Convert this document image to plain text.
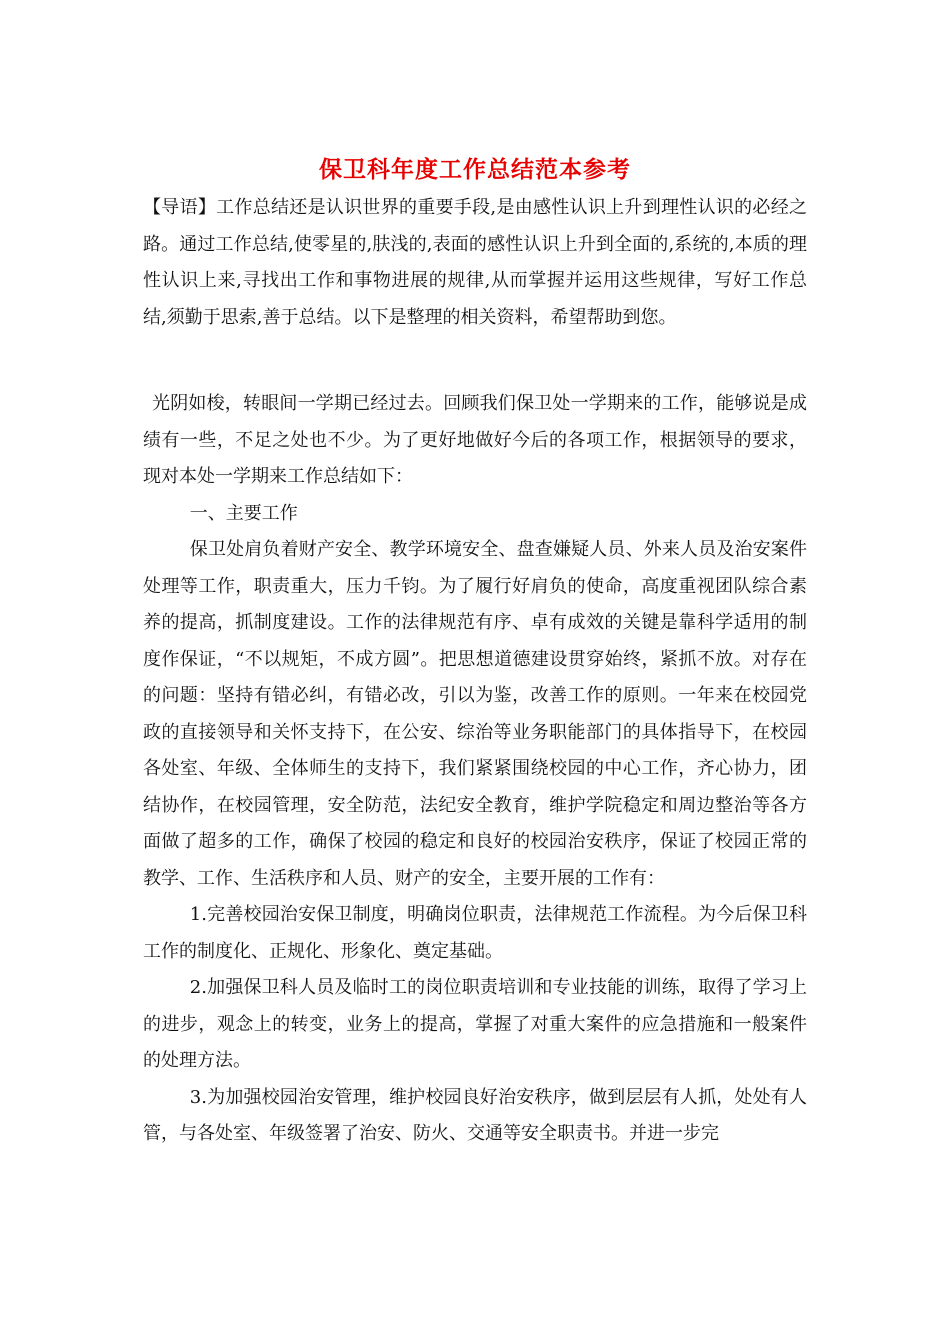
保卫科年度工作总结范本参考

【导语】工作总结还是认识世界的重要手段,是由感性认识上升到理性认识的必经之路。通过工作总结,使零星的,肤浅的,表面的感性认识上升到全面的,系统的,本质的理性认识上来,寻找出工作和事物进展的规律,从而掌握并运用这些规律，写好工作总结,须勤于思索,善于总结。以下是整理的相关资料，希望帮助到您。

光阴如梭，转眼间一学期已经过去。回顾我们保卫处一学期来的工作，能够说是成绩有一些，不足之处也不少。为了更好地做好今后的各项工作，根据领导的要求，现对本处一学期来工作总结如下：

一、主要工作

保卫处肩负着财产安全、教学环境安全、盘查嫌疑人员、外来人员及治安案件处理等工作，职责重大，压力千钧。为了履行好肩负的使命，高度重视团队综合素养的提高，抓制度建设。工作的法律规范有序、卓有成效的关键是靠科学适用的制度作保证，“不以规矩，不成方圆”。把思想道德建设贯穿始终，紧抓不放。对存在的问题：坚持有错必纠，有错必改，引以为鉴，改善工作的原则。一年来在校园党政的直接领导和关怀支持下，在公安、综治等业务职能部门的具体指导下，在校园各处室、年级、全体师生的支持下，我们紧紧围绕校园的中心工作，齐心协力，团结协作，在校园管理，安全防范，法纪安全教育，维护学院稳定和周边整治等各方面做了超多的工作，确保了校园的稳定和良好的校园治安秩序，保证了校园正常的教学、工作、生活秩序和人员、财产的安全，主要开展的工作有：

1.完善校园治安保卫制度，明确岗位职责，法律规范工作流程。为今后保卫科工作的制度化、正规化、形象化、奠定基础。

2.加强保卫科人员及临时工的岗位职责培训和专业技能的训练，取得了学习上的进步，观念上的转变，业务上的提高，掌握了对重大案件的应急措施和一般案件的处理方法。

3.为加强校园治安管理，维护校园良好治安秩序，做到层层有人抓，处处有人管，与各处室、年级签署了治安、防火、交通等安全职责书。并进一步完
